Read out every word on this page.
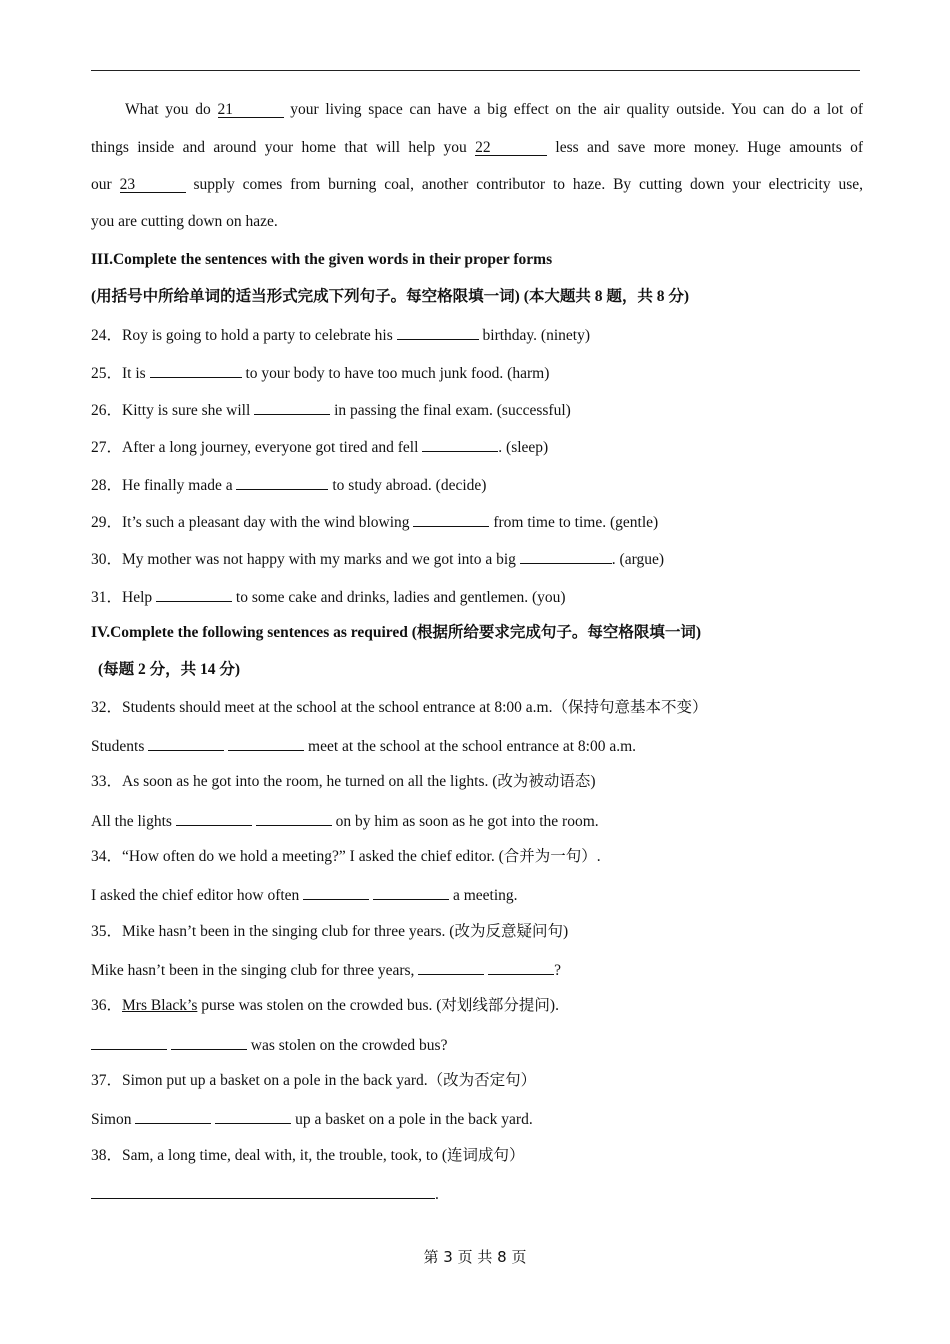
What you do 21	your living space can have a big effect on the air quality outside. You can do a lot of
things inside and around your home that will help you 22	less and save more money. Huge amounts of
our 23	supply comes from burning coal, another contributor to haze. By cutting down your electricity use,
you are cutting down on haze.
III.Complete the sentences with the given words in their proper forms
(用括号中所给单词的适当形式完成下列句子。每空格限填一词) (本大题共 8 题，共 8 分)
24．Roy is going to hold a party to celebrate his	birthday. (ninety)
25．It is	to your body to have too much junk food. (harm)
26．Kitty is sure she will	in passing the final exam. (successful)
27．After a long journey, everyone got tired and fell	. (sleep)
28．He finally made a	to study abroad. (decide)
29．It’s such a pleasant day with the wind blowing	from time to time. (gentle)
30．My mother was not happy with my marks and we got into a big	. (argue)
31．Help	to some cake and drinks, ladies and gentlemen. (you)
IV.Complete the following sentences as required (根据所给要求完成句子。每空格限填一词)
(每题 2 分，共 14 分)
32．Students should meet at the school at the school entrance at 8:00 a.m.（保持句意基本不变）
Students	meet at the school at the school entrance at 8:00 a.m.
33．As soon as he got into the room, he turned on all the lights. (改为被动语态)
All the lights	on by him as soon as he got into the room.
34．“How often do we hold a meeting?” I asked the chief editor. (合并为一句）.
I asked the chief editor how often	a meeting.
35．Mike hasn’t been in the singing club for three years. (改为反意疑问句)
Mike hasn’t been in the singing club for three years,	?
36．Mrs Black’s purse was stolen on the crowded bus. (对划线部分提问).
was stolen on the crowded bus?
37．Simon put up a basket on a pole in the back yard.（改为否定句）
Simon	up a basket on a pole in the back yard.
38．Sam, a long time, deal with, it, the trouble, took, to (连词成句）
.
第 3 页 共 8 页
